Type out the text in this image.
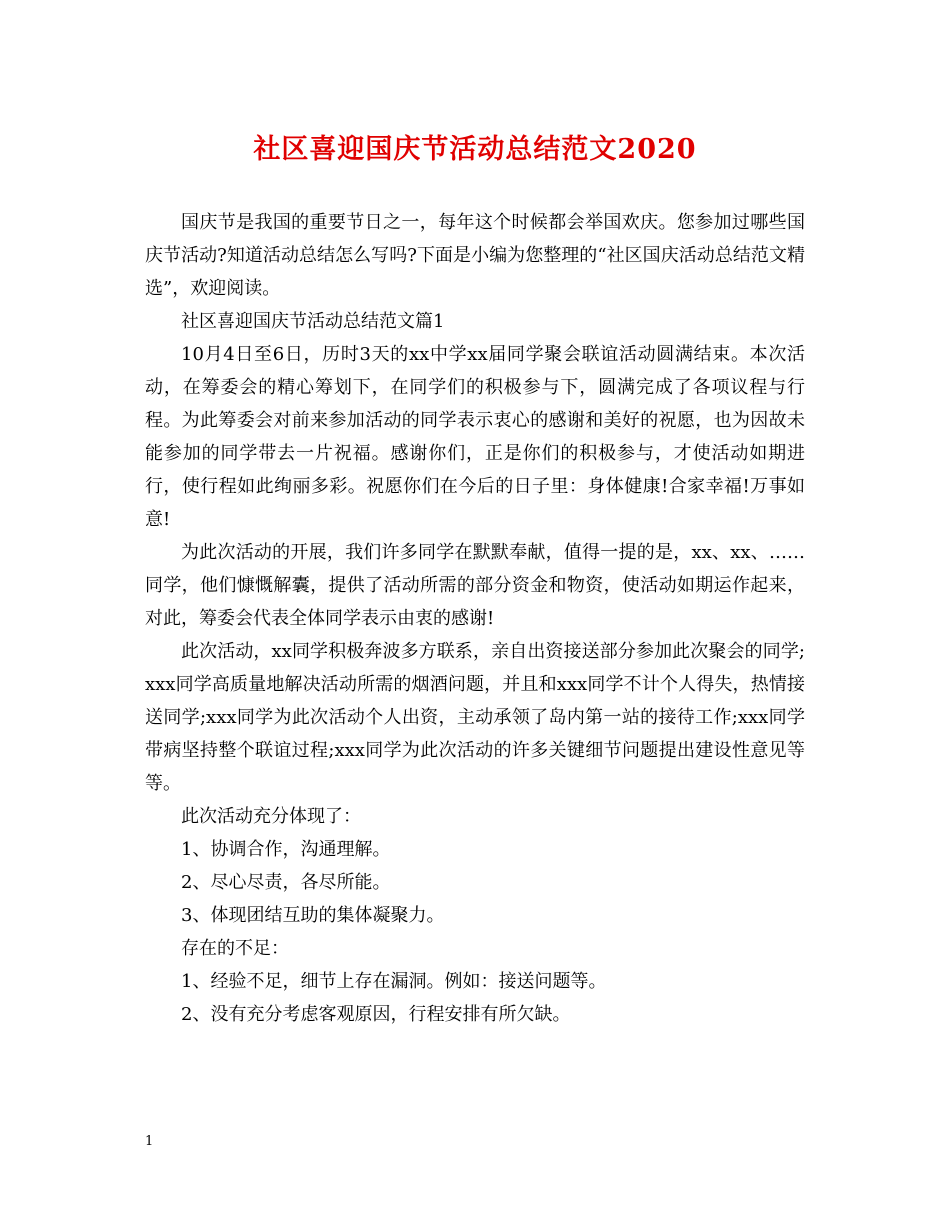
社区喜迎国庆节活动总结范文2020

国庆节是我国的重要节日之一，每年这个时候都会举国欢庆。您参加过哪些国庆节活动?知道活动总结怎么写吗?下面是小编为您整理的“社区国庆活动总结范文精选”，欢迎阅读。

社区喜迎国庆节活动总结范文篇1

10月4日至6日，历时3天的xx中学xx届同学聚会联谊活动圆满结束。本次活动，在筹委会的精心筹划下，在同学们的积极参与下，圆满完成了各项议程与行程。为此筹委会对前来参加活动的同学表示衷心的感谢和美好的祝愿，也为因故未能参加的同学带去一片祝福。感谢你们，正是你们的积极参与，才使活动如期进行，使行程如此绚丽多彩。祝愿你们在今后的日子里：身体健康!合家幸福!万事如意!

为此次活动的开展，我们许多同学在默默奉献，值得一提的是，xx、xx、……同学，他们慷慨解囊，提供了活动所需的部分资金和物资，使活动如期运作起来，对此，筹委会代表全体同学表示由衷的感谢!

此次活动，xx同学积极奔波多方联系，亲自出资接送部分参加此次聚会的同学;xxx同学高质量地解决活动所需的烟酒问题，并且和xxx同学不计个人得失，热情接送同学;xxx同学为此次活动个人出资，主动承领了岛内第一站的接待工作;xxx同学带病坚持整个联谊过程;xxx同学为此次活动的许多关键细节问题提出建设性意见等等。

此次活动充分体现了：

1、协调合作，沟通理解。

2、尽心尽责，各尽所能。

3、体现团结互助的集体凝聚力。

存在的不足：

1、经验不足，细节上存在漏洞。例如：接送问题等。

2、没有充分考虑客观原因，行程安排有所欠缺。

1
